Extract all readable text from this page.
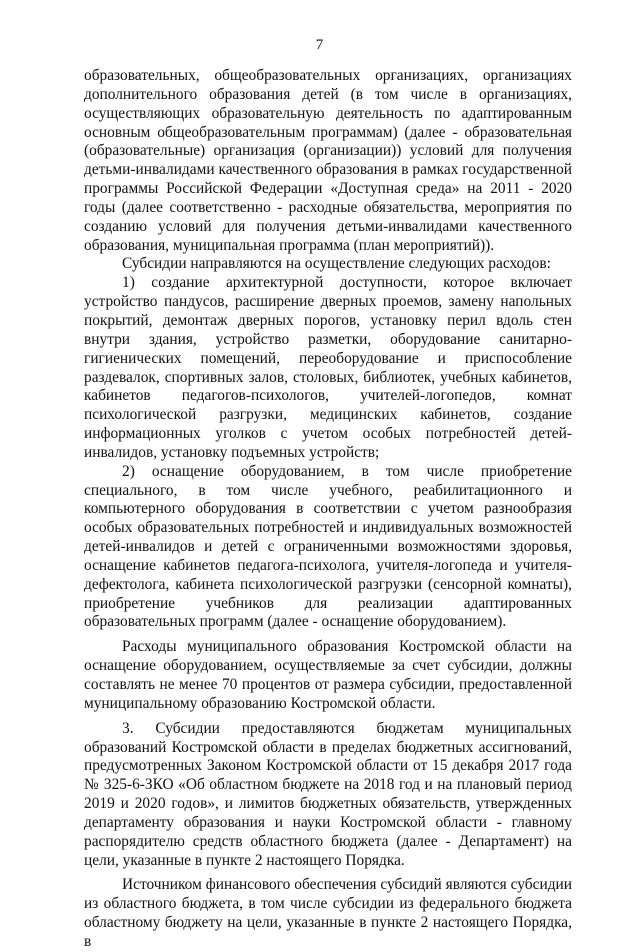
7

образовательных, общеобразовательных организациях, организациях дополнительного образования детей (в том числе в организациях, осуществляющих образовательную деятельность по адаптированным основным общеобразовательным программам) (далее - образовательная (образовательные) организация (организации)) условий для получения детьми-инвалидами качественного образования в рамках государственной программы Российской Федерации «Доступная среда» на 2011 - 2020 годы (далее соответственно - расходные обязательства, мероприятия по созданию условий для получения детьми-инвалидами качественного образования, муниципальная программа (план мероприятий)).

Субсидии направляются на осуществление следующих расходов:

1) создание архитектурной доступности, которое включает устройство пандусов, расширение дверных проемов, замену напольных покрытий, демонтаж дверных порогов, установку перил вдоль стен внутри здания, устройство разметки, оборудование санитарно-гигиенических помещений, переоборудование и приспособление раздевалок, спортивных залов, столовых, библиотек, учебных кабинетов, кабинетов педагогов-психологов, учителей-логопедов, комнат психологической разгрузки, медицинских кабинетов, создание информационных уголков с учетом особых потребностей детей-инвалидов, установку подъемных устройств;

2) оснащение оборудованием, в том числе приобретение специального, в том числе учебного, реабилитационного и компьютерного оборудования в соответствии с учетом разнообразия особых образовательных потребностей и индивидуальных возможностей детей-инвалидов и детей с ограниченными возможностями здоровья, оснащение кабинетов педагога-психолога, учителя-логопеда и учителя-дефектолога, кабинета психологической разгрузки (сенсорной комнаты), приобретение учебников для реализации адаптированных образовательных программ (далее - оснащение оборудованием).

Расходы муниципального образования Костромской области на оснащение оборудованием, осуществляемые за счет субсидии, должны составлять не менее 70 процентов от размера субсидии, предоставленной муниципальному образованию Костромской области.

3. Субсидии предоставляются бюджетам муниципальных образований Костромской области в пределах бюджетных ассигнований, предусмотренных Законом Костромской области от 15 декабря 2017 года № 325-6-ЗКО «Об областном бюджете на 2018 год и на плановый период 2019 и 2020 годов», и лимитов бюджетных обязательств, утвержденных департаменту образования и науки Костромской области - главному распорядителю средств областного бюджета (далее - Департамент) на цели, указанные в пункте 2 настоящего Порядка.

Источником финансового обеспечения субсидий являются субсидии из областного бюджета, в том числе субсидии из федерального бюджета областному бюджету на цели, указанные в пункте 2 настоящего Порядка, в
